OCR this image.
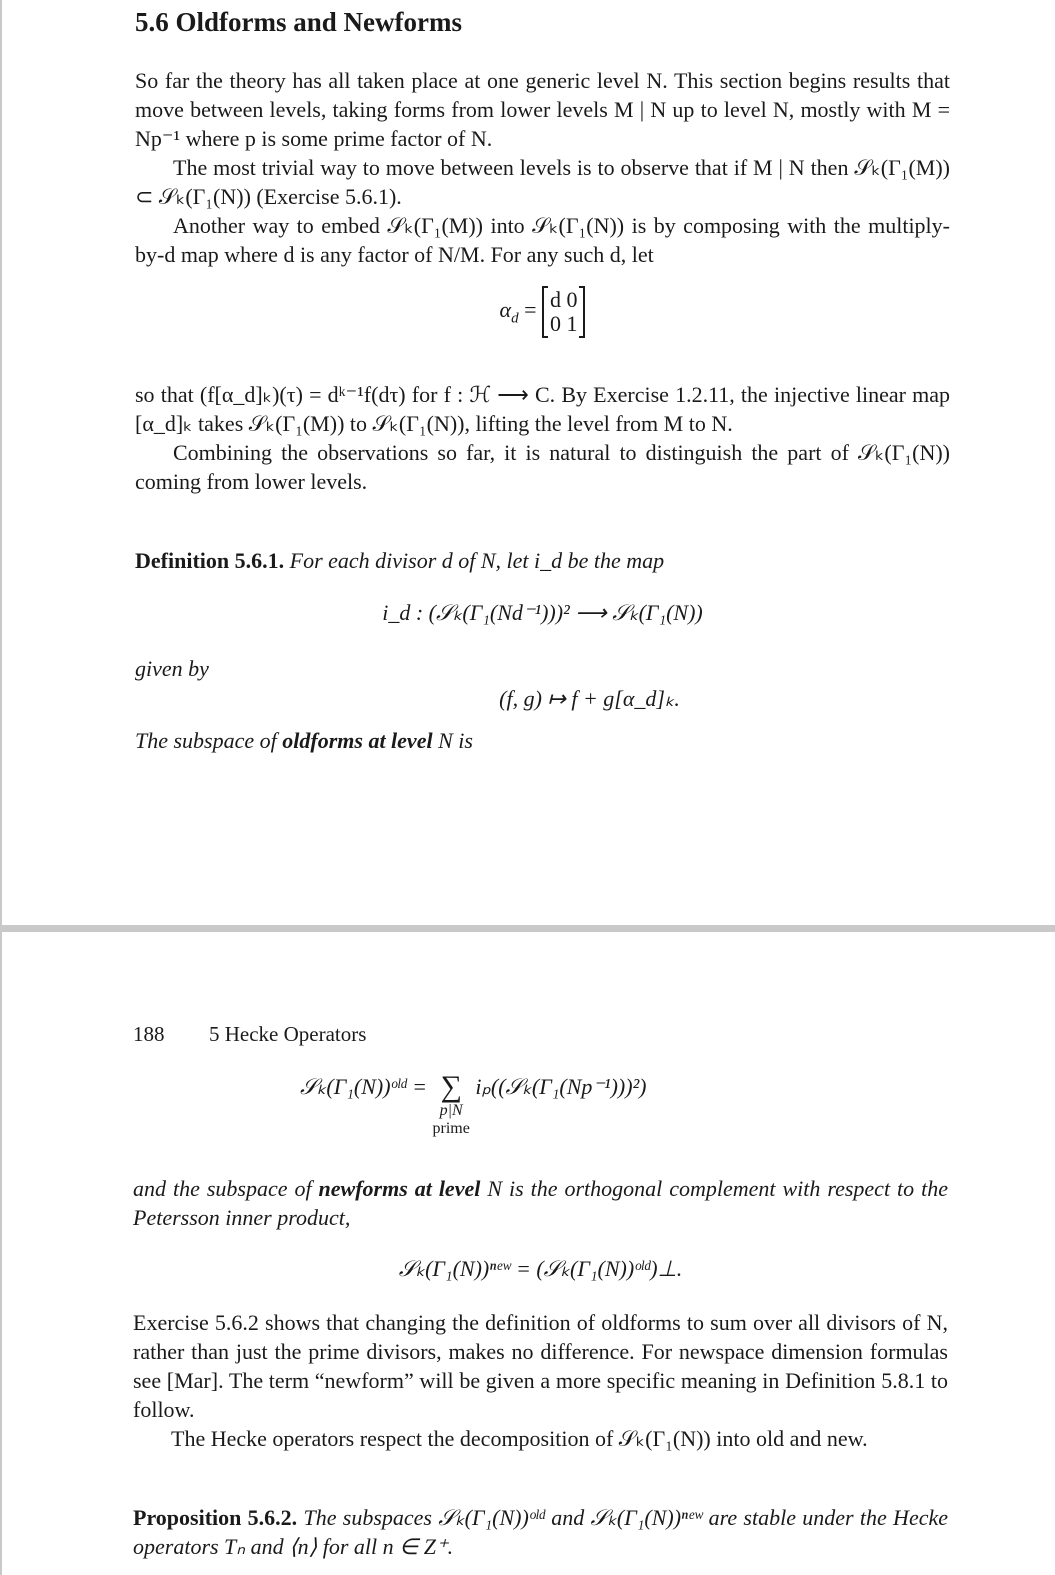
5.6 Oldforms and Newforms

So far the theory has all taken place at one generic level N. This section begins results that move between levels, taking forms from lower levels M | N up to level N, mostly with M = Np⁻¹ where p is some prime factor of N.

The most trivial way to move between levels is to observe that if M | N then 𝒮ₖ(Γ₁(M)) ⊂ 𝒮ₖ(Γ₁(N)) (Exercise 5.6.1).

Another way to embed 𝒮ₖ(Γ₁(M)) into 𝒮ₖ(Γ₁(N)) is by composing with the multiply-by-d map where d is any factor of N/M. For any such d, let

$\alpha_d = d$ 0
0 1

so that (f[α_d]ₖ)(τ) = dᵏ⁻¹f(dτ) for f : ℋ ⟶ C. By Exercise 1.2.11, the injective linear map [α_d]ₖ takes 𝒮ₖ(Γ₁(M)) to 𝒮ₖ(Γ₁(N)), lifting the level from M to N.

Combining the observations so far, it is natural to distinguish the part of 𝒮ₖ(Γ₁(N)) coming from lower levels.

Definition 5.6.1. For each divisor d of N, let i_d be the map

i_d : (𝒮ₖ(Γ₁(Nd⁻¹)))² ⟶ 𝒮ₖ(Γ₁(N))
given by
(f, g) ↦ f + g[α_d]ₖ.
The subspace of oldforms at level N is
188 5 Hecke Operators
𝒮ₖ(Γ₁(N))ᵒˡᵈ = ∑
p|N
prime
iₚ((𝒮ₖ(Γ₁(Np⁻¹)))²)

and the subspace of newforms at level N is the orthogonal complement with respect to the Petersson inner product,

𝒮ₖ(Γ₁(N))ⁿᵉʷ = (𝒮ₖ(Γ₁(N))ᵒˡᵈ)⊥.

Exercise 5.6.2 shows that changing the definition of oldforms to sum over all divisors of N, rather than just the prime divisors, makes no difference. For newspace dimension formulas see [Mar]. The term “newform” will be given a more specific meaning in Definition 5.8.1 to follow.

The Hecke operators respect the decomposition of 𝒮ₖ(Γ₁(N)) into old and new.

Proposition 5.6.2. The subspaces 𝒮ₖ(Γ₁(N))ᵒˡᵈ and 𝒮ₖ(Γ₁(N))ⁿᵉʷ are stable under the Hecke operators Tₙ and ⟨n⟩ for all n ∈ Z⁺.
